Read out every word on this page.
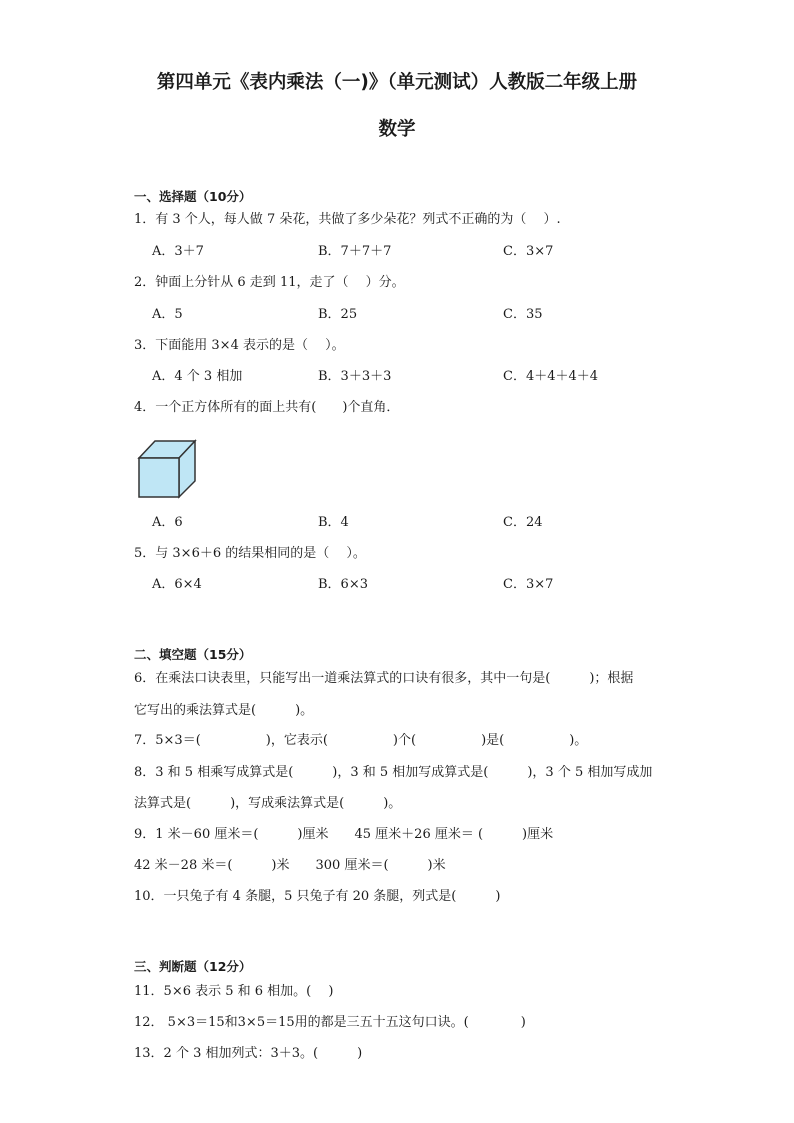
第四单元《表内乘法（一)》（单元测试）人教版二年级上册
数学
一、选择题（10分）
1．有 3 个人，每人做 7 朵花，共做了多少朵花？列式不正确的为（　 ）.
A．3＋7	B．7＋7＋7	C．3×7
2．钟面上分针从 6 走到 11，走了（　 ）分。
A．5	B．25	C．35
3．下面能用 3×4 表示的是（　 ）。
A．4 个 3 相加	B．3＋3＋3	C．4＋4＋4＋4
4．一个正方体所有的面上共有(　　)个直角．
A．6	B．4	C．24
5．与 3×6＋6 的结果相同的是（　 ）。
A．6×4	B．6×3	C．3×7
二、填空题（15分）
6．在乘法口诀表里，只能写出一道乘法算式的口诀有很多，其中一句是(　　　)；根据
它写出的乘法算式是(　　　)。
7．5×3＝(　　　　　)，它表示(　　　　　)个(　　　　　)是(　　　　　)。
8．3 和 5 相乘写成算式是(　　　)，3 和 5 相加写成算式是(　　　)，3 个 5 相加写成加
法算式是(　　　)，写成乘法算式是(　　　)。
9．1 米－60 厘米＝(　　　)厘米　　45 厘米＋26 厘米＝ (　　　)厘米
42 米－28 米＝(　　　)米　　300 厘米＝(　　　)米
10．一只兔子有 4 条腿，5 只兔子有 20 条腿，列式是(　　　)
三、判断题（12分）
11．5×6 表示 5 和 6 相加。(　 )
12． 5×3＝15和3×5＝15用的都是三五十五这句口诀。(　　　　)
13．2 个 3 相加列式：3＋3。(　　　)
